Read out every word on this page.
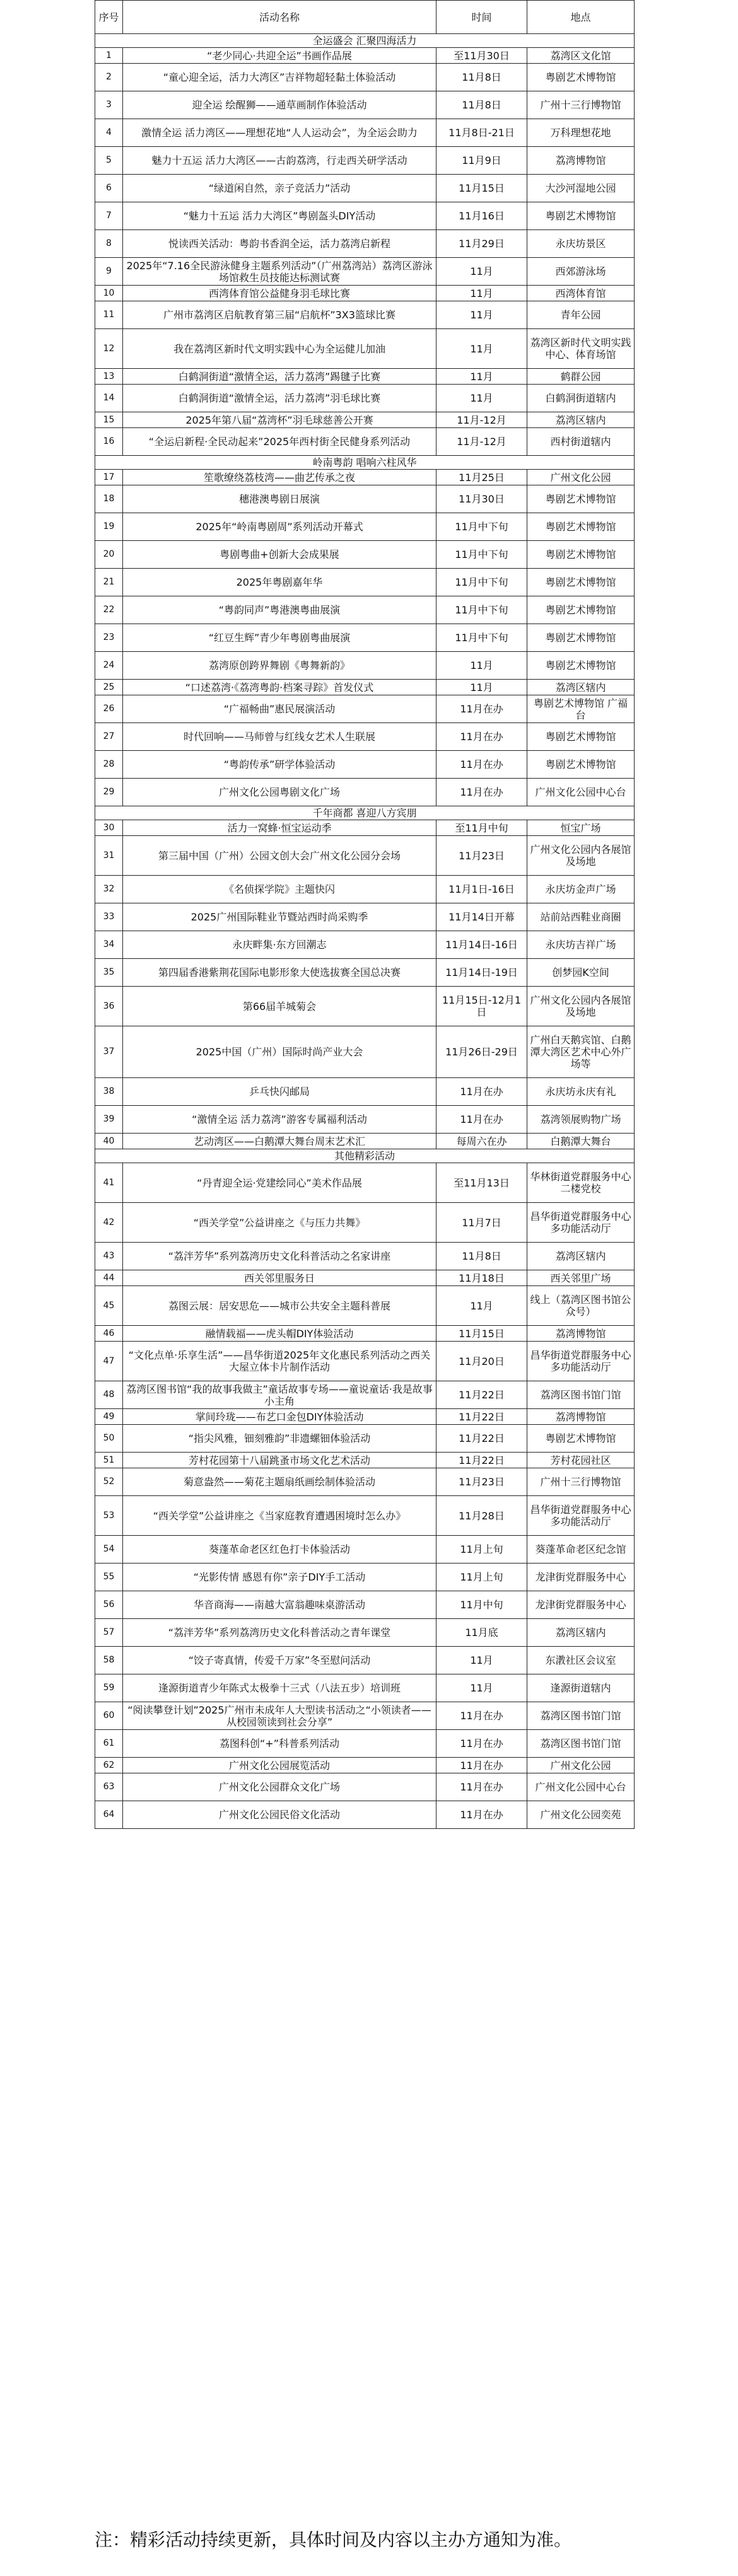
序号	活动名称	时间	地点
全运盛会 汇聚四海活力			
1	“老少同心·共迎全运”书画作品展	至11月30日	荔湾区文化馆
2	“童心迎全运，活力大湾区”吉祥物超轻黏土体验活动	11月8日	粤剧艺术博物馆
3	迎全运 绘醒狮——通草画制作体验活动	11月8日	广州十三行博物馆
4	激情全运 活力湾区——理想花地“人人运动会”，为全运会助力	11月8日-21日	万科理想花地
5	魅力十五运 活力大湾区——古韵荔湾，行走西关研学活动	11月9日	荔湾博物馆
6	“绿道闲自然，亲子竞活力”活动	11月15日	大沙河湿地公园
7	“魅力十五运 活力大湾区”粤剧盔头DIY活动	11月16日	粤剧艺术博物馆
8	悦读西关活动：粤韵书香润全运，活力荔湾启新程	11月29日	永庆坊景区
9	2025年“7.16全民游泳健身主题系列活动”（广州荔湾站）荔湾区游泳场馆救生员技能达标测试赛	11月	西郊游泳场
10	西湾体育馆公益健身羽毛球比赛	11月	西湾体育馆
11	广州市荔湾区启航教育第三届“启航杯”3X3篮球比赛	11月	青年公园
12	我在荔湾区新时代文明实践中心为全运健儿加油	11月	荔湾区新时代文明实践中心、体育场馆
13	白鹤洞街道“激情全运，活力荔湾”踢毽子比赛	11月	鹤群公园
14	白鹤洞街道“激情全运，活力荔湾”羽毛球比赛	11月	白鹤洞街道辖内
15	2025年第八届“荔湾杯”羽毛球慈善公开赛	11月-12月	荔湾区辖内
16	“全运启新程·全民动起来”2025年西村街全民健身系列活动	11月-12月	西村街道辖内
岭南粤韵 唱响六柱风华			
17	笙歌缭绕荔枝湾——曲艺传承之夜	11月25日	广州文化公园
18	穗港澳粤剧日展演	11月30日	粤剧艺术博物馆
19	2025年“岭南粤剧周”系列活动开幕式	11月中下旬	粤剧艺术博物馆
20	粤剧粤曲+创新大会成果展	11月中下旬	粤剧艺术博物馆
21	2025年粤剧嘉年华	11月中下旬	粤剧艺术博物馆
22	“粤韵同声”粤港澳粤曲展演	11月中下旬	粤剧艺术博物馆
23	“红豆生辉”青少年粤剧粤曲展演	11月中下旬	粤剧艺术博物馆
24	荔湾原创跨界舞剧《粤舞新韵》	11月	粤剧艺术博物馆
25	“口述荔湾·《荔湾粤韵·档案寻踪》首发仪式	11月	荔湾区辖内
26	“广福畅曲”惠民展演活动	11月在办	粤剧艺术博物馆 广福台
27	时代回响——马师曾与红线女艺术人生联展	11月在办	粤剧艺术博物馆
28	“粤韵传承”研学体验活动	11月在办	粤剧艺术博物馆
29	广州文化公园粤剧文化广场	11月在办	广州文化公园中心台
千年商都 喜迎八方宾朋			
30	活力一窝蜂·恒宝运动季	至11月中旬	恒宝广场
31	第三届中国（广州）公园文创大会广州文化公园分会场	11月23日	广州文化公园内各展馆及场地
32	《名侦探学院》主题快闪	11月1日-16日	永庆坊金声广场
33	2025广州国际鞋业节暨站西时尚采购季	11月14日开幕	站前站西鞋业商圈
34	永庆畔集·东方回潮志	11月14日-16日	永庆坊吉祥广场
35	第四届香港紫荆花国际电影形象大使选拔赛全国总决赛	11月14日-19日	创梦园K空间
36	第66届羊城菊会	11月15日-12月1日	广州文化公园内各展馆及场地
37	2025中国（广州）国际时尚产业大会	11月26日-29日	广州白天鹅宾馆、白鹅潭大湾区艺术中心外广场等
38	乒乓快闪邮局	11月在办	永庆坊永庆有礼
39	“激情全运 活力荔湾”游客专属福利活动	11月在办	荔湾领展购物广场
40	艺动湾区——白鹅潭大舞台周末艺术汇	每周六在办	白鹅潭大舞台
其他精彩活动			
41	“丹青迎全运·党建绘同心”美术作品展	至11月13日	华林街道党群服务中心二楼党校
42	“西关学堂”公益讲座之《与压力共舞》	11月7日	昌华街道党群服务中心多功能活动厅
43	“荔泮芳华”系列荔湾历史文化科普活动之名家讲座	11月8日	荔湾区辖内
44	西关邻里服务日	11月18日	西关邻里广场
45	荔图云展：居安思危——城市公共安全主题科普展	11月	线上（荔湾区图书馆公众号）
46	融情载福——虎头帽DIY体验活动	11月15日	荔湾博物馆
47	“文化点单·乐享生活”——昌华街道2025年文化惠民系列活动之西关大屋立体卡片制作活动	11月20日	昌华街道党群服务中心多功能活动厅
48	荔湾区图书馆“我的故事我做主”童话故事专场——童说童话·我是故事小主角	11月22日	荔湾区图书馆门馆
49	掌间玲珑——布艺口金包DIY体验活动	11月22日	荔湾博物馆
50	“指尖风雅，钿刻雅韵”非遗螺钿体验活动	11月22日	粤剧艺术博物馆
51	芳村花园第十八届跳蚤市场文化艺术活动	11月22日	芳村花园社区
52	菊意盎然——菊花主题扇纸画绘制体验活动	11月23日	广州十三行博物馆
53	“西关学堂”公益讲座之《当家庭教育遭遇困境时怎么办》	11月28日	昌华街道党群服务中心多功能活动厅
54	葵蓬革命老区红色打卡体验活动	11月上旬	葵蓬革命老区纪念馆
55	“光影传情 感恩有你”亲子DIY手工活动	11月上旬	龙津街党群服务中心
56	华音商海——南越大富翁趣味桌游活动	11月中旬	龙津街党群服务中心
57	“荔泮芳华”系列荔湾历史文化科普活动之青年课堂	11月底	荔湾区辖内
58	“饺子寄真情，传爱千万家”冬至慰问活动	11月	东漖社区会议室
59	逢源街道青少年陈式太极拳十三式（八法五步）培训班	11月	逢源街道辖内
60	“阅读攀登计划”2025广州市未成年人大型读书活动之“小领读者——从校园领读到社会分享”	11月在办	荔湾区图书馆门馆
61	荔图科创“+”科普系列活动	11月在办	荔湾区图书馆门馆
62	广州文化公园展览活动	11月在办	广州文化公园
63	广州文化公园群众文化广场	11月在办	广州文化公园中心台
64	广州文化公园民俗文化活动	11月在办	广州文化公园奕苑
注：精彩活动持续更新，具体时间及内容以主办方通知为准。
